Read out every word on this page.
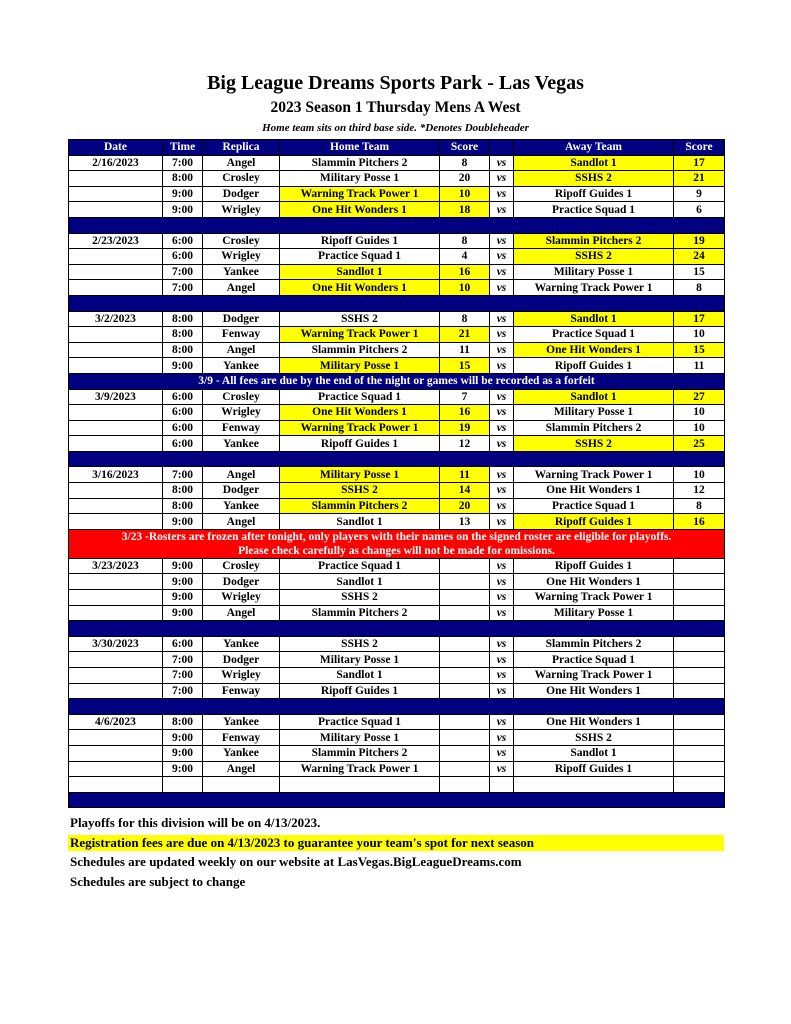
Big League Dreams Sports Park - Las Vegas
2023 Season 1 Thursday Mens A West
Home team sits on third base side. *Denotes Doubleheader
Date	Time	Replica	Home Team	Score		Away Team	Score
2/16/2023	7:00	Angel	Slammin Pitchers 2	8	vs	Sandlot 1	17
	8:00	Crosley	Military Posse 1	20	vs	SSHS 2	21
	9:00	Dodger	Warning Track Power 1	10	vs	Ripoff Guides 1	9
	9:00	Wrigley	One Hit Wonders 1	18	vs	Practice Squad 1	6

2/23/2023	6:00	Crosley	Ripoff Guides 1	8	vs	Slammin Pitchers 2	19
	6:00	Wrigley	Practice Squad 1	4	vs	SSHS 2	24
	7:00	Yankee	Sandlot 1	16	vs	Military Posse 1	15
	7:00	Angel	One Hit Wonders 1	10	vs	Warning Track Power 1	8

3/2/2023	8:00	Dodger	SSHS 2	8	vs	Sandlot 1	17
	8:00	Fenway	Warning Track Power 1	21	vs	Practice Squad 1	10
	8:00	Angel	Slammin Pitchers 2	11	vs	One Hit Wonders 1	15
	9:00	Yankee	Military Posse 1	15	vs	Ripoff Guides 1	11
3/9 - All fees are due by the end of the night or games will be recorded as a forfeit							
3/9/2023	6:00	Crosley	Practice Squad 1	7	vs	Sandlot 1	27
	6:00	Wrigley	One Hit Wonders 1	16	vs	Military Posse 1	10
	6:00	Fenway	Warning Track Power 1	19	vs	Slammin Pitchers 2	10
	6:00	Yankee	Ripoff Guides 1	12	vs	SSHS 2	25

3/16/2023	7:00	Angel	Military Posse 1	11	vs	Warning Track Power 1	10
	8:00	Dodger	SSHS 2	14	vs	One Hit Wonders 1	12
	8:00	Yankee	Slammin Pitchers 2	20	vs	Practice Squad 1	8
	9:00	Angel	Sandlot 1	13	vs	Ripoff Guides 1	16

3/23 -Rosters are frozen after tonight, only players with their names on the signed roster are eligible for playoffs.
Please check carefully as changes will not be made for omissions.							

3/23/2023	9:00	Crosley	Practice Squad 1		vs	Ripoff Guides 1	
	9:00	Dodger	Sandlot 1		vs	One Hit Wonders 1	
	9:00	Wrigley	SSHS 2		vs	Warning Track Power 1	
	9:00	Angel	Slammin Pitchers 2		vs	Military Posse 1	

3/30/2023	6:00	Yankee	SSHS 2		vs	Slammin Pitchers 2	
	7:00	Dodger	Military Posse 1		vs	Practice Squad 1	
	7:00	Wrigley	Sandlot 1		vs	Warning Track Power 1	
	7:00	Fenway	Ripoff Guides 1		vs	One Hit Wonders 1	

4/6/2023	8:00	Yankee	Practice Squad 1		vs	One Hit Wonders 1	
	9:00	Fenway	Military Posse 1		vs	SSHS 2	
	9:00	Yankee	Slammin Pitchers 2		vs	Sandlot 1	
	9:00	Angel	Warning Track Power 1		vs	Ripoff Guides 1	

Playoffs for this division will be on 4/13/2023.
Registration fees are due on 4/13/2023 to guarantee your team's spot for next season
Schedules are updated weekly on our website at LasVegas.BigLeagueDreams.com
Schedules are subject to change
